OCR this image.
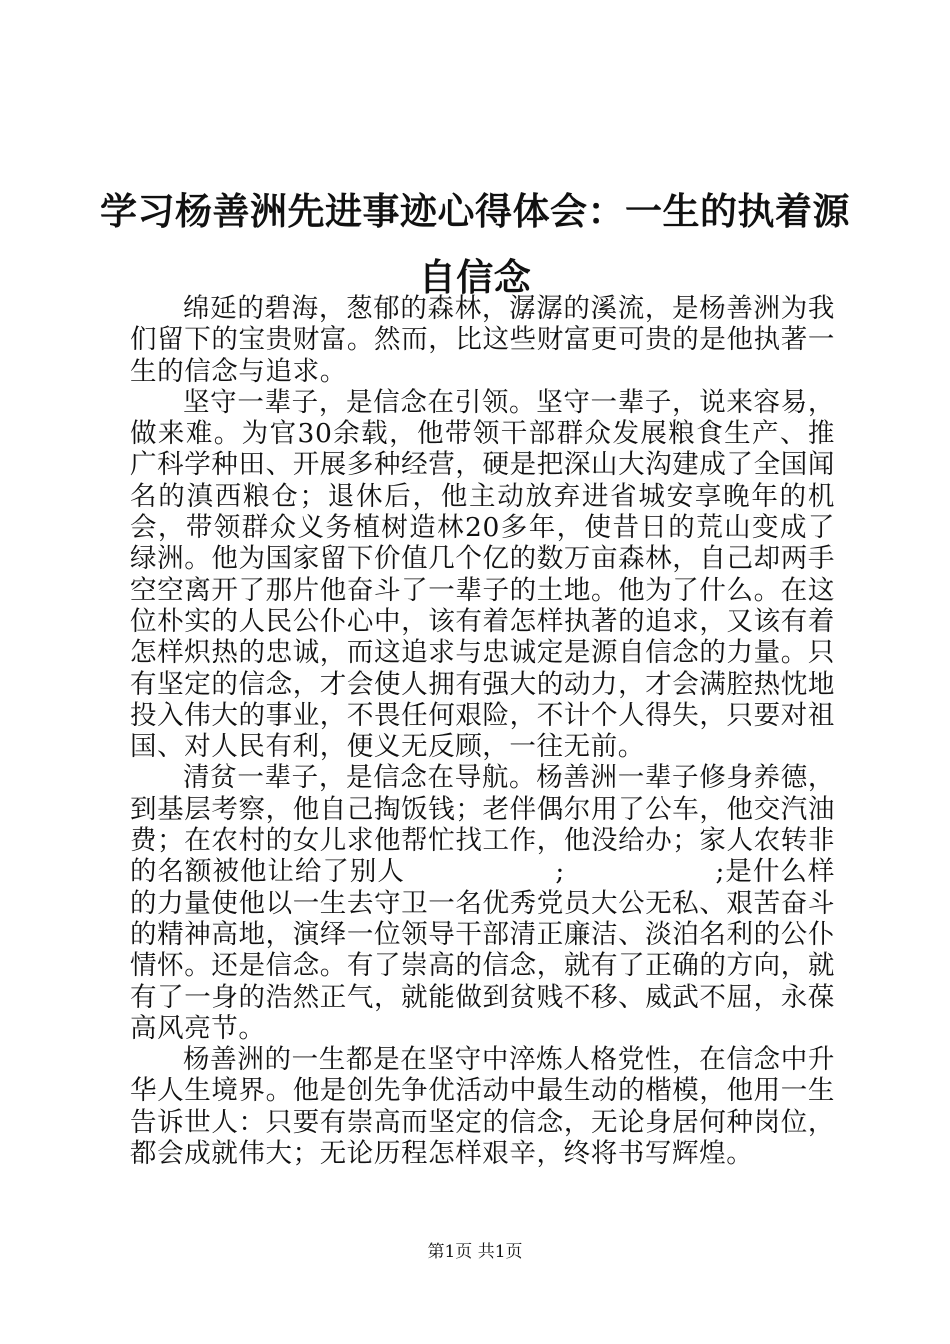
学习杨善洲先进事迹心得体会：一生的执着源自信念

绵延的碧海，葱郁的森林，潺潺的溪流，是杨善洲为我们留下的宝贵财富。然而，比这些财富更可贵的是他执著一生的信念与追求。

坚守一辈子，是信念在引领。坚守一辈子，说来容易，做来难。为官30余载，他带领干部群众发展粮食生产、推广科学种田、开展多种经营，硬是把深山大沟建成了全国闻名的滇西粮仓；退休后，他主动放弃进省城安享晚年的机会，带领群众义务植树造林20多年，使昔日的荒山变成了绿洲。他为国家留下价值几个亿的数万亩森林，自己却两手空空离开了那片他奋斗了一辈子的土地。他为了什么。在这位朴实的人民公仆心中，该有着怎样执著的追求，又该有着怎样炽热的忠诚，而这追求与忠诚定是源自信念的力量。只有坚定的信念，才会使人拥有强大的动力，才会满腔热忱地投入伟大的事业，不畏任何艰险，不计个人得失，只要对祖国、对人民有利，便义无反顾，一往无前。

清贫一辈子，是信念在导航。杨善洲一辈子修身养德，到基层考察，他自己掏饭钱；老伴偶尔用了公车，他交汽油费；在农村的女儿求他帮忙找工作，他没给办；家人农转非的名额被他让给了别人                ;                ;是什么样的力量使他以一生去守卫一名优秀党员大公无私、艰苦奋斗的精神高地，演绎一位领导干部清正廉洁、淡泊名利的公仆情怀。还是信念。有了崇高的信念，就有了正确的方向，就有了一身的浩然正气，就能做到贫贱不移、威武不屈，永葆高风亮节。

杨善洲的一生都是在坚守中淬炼人格党性，在信念中升华人生境界。他是创先争优活动中最生动的楷模，他用一生告诉世人：只要有崇高而坚定的信念，无论身居何种岗位，都会成就伟大；无论历程怎样艰辛，终将书写辉煌。

第1页 共1页
